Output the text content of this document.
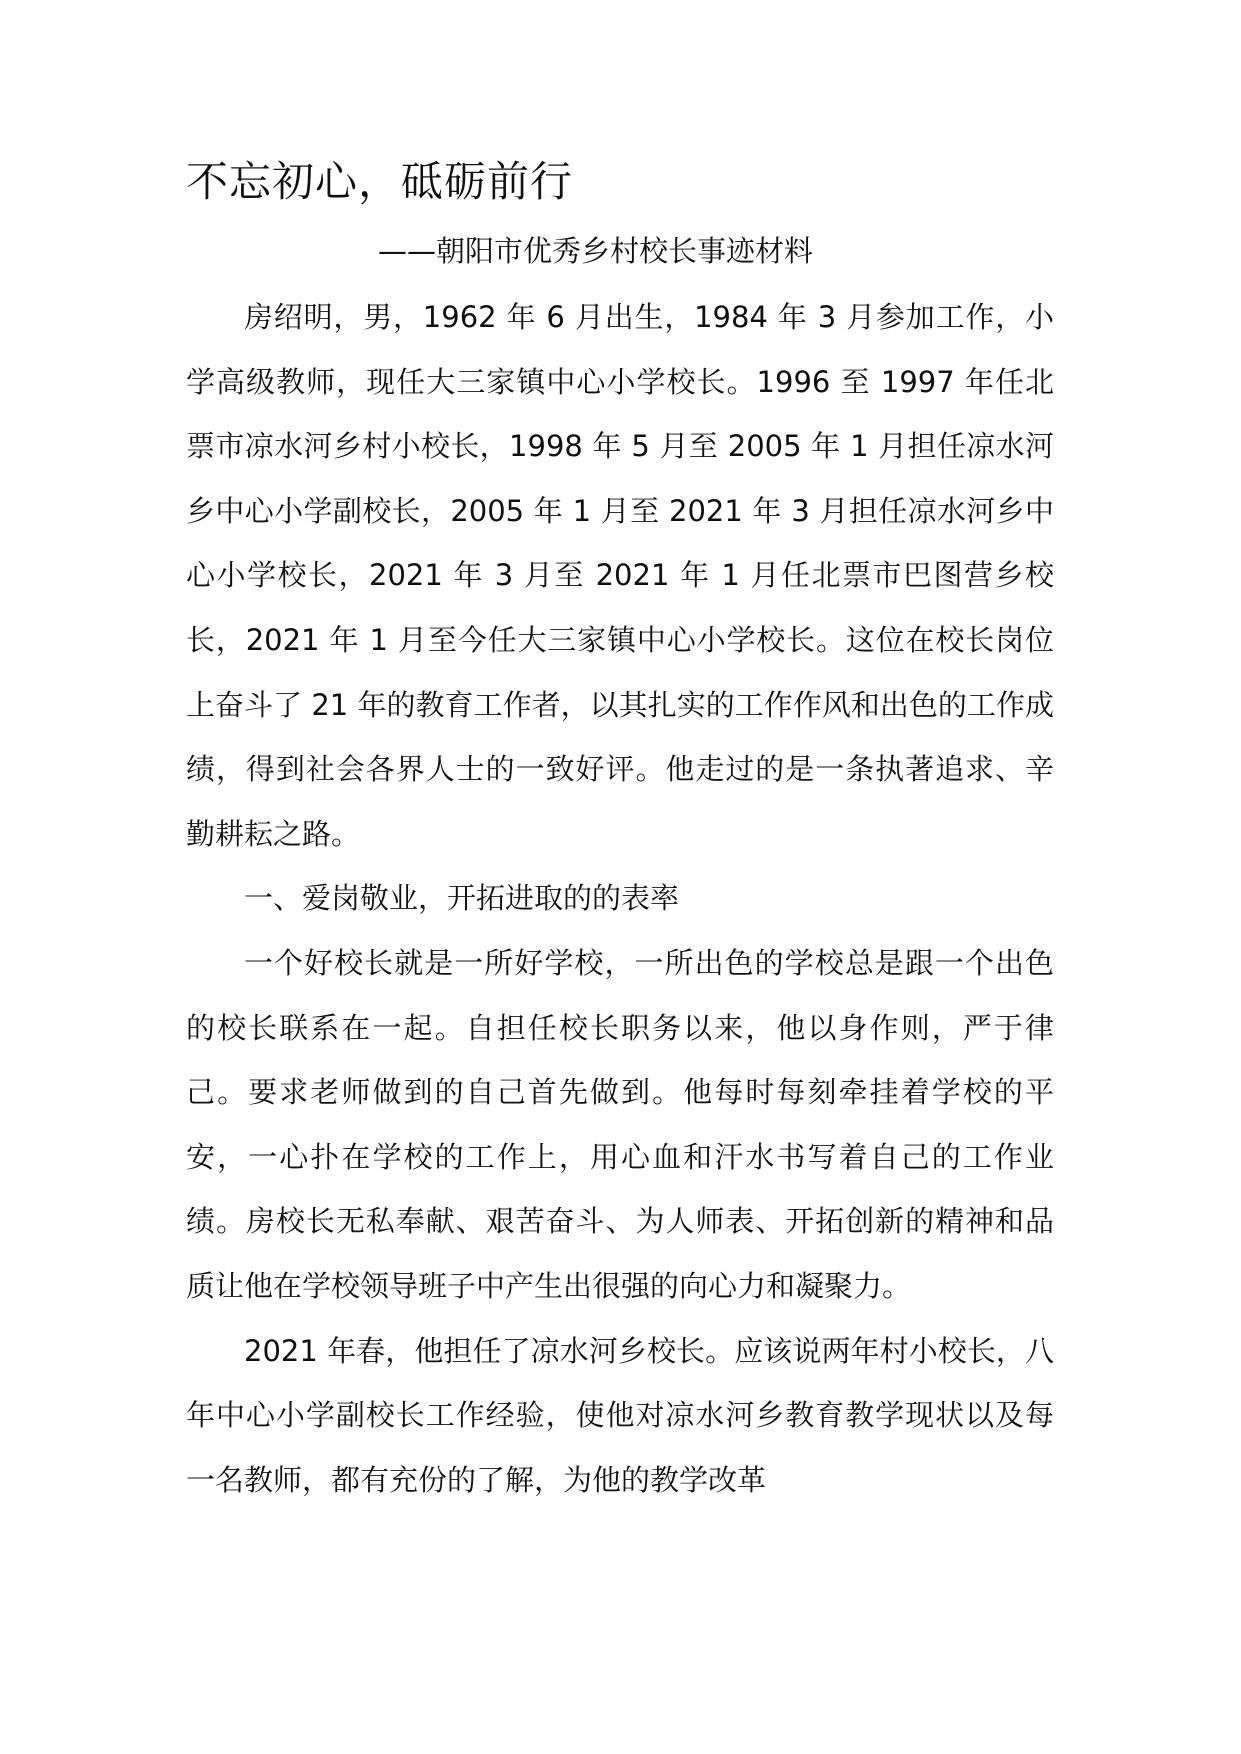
不忘初心，砥砺前行
——朝阳市优秀乡村校长事迹材料

房绍明，男，1962 年 6 月出生，1984 年 3 月参加工作，小学高级教师，现任大三家镇中心小学校长。1996 至 1997 年任北票市凉水河乡村小校长，1998 年 5 月至 2005 年 1 月担任凉水河乡中心小学副校长，2005 年 1 月至 2021 年 3 月担任凉水河乡中心小学校长，2021 年 3 月至 2021 年 1 月任北票市巴图营乡校长，2021 年 1 月至今任大三家镇中心小学校长。这位在校长岗位上奋斗了 21 年的教育工作者，以其扎实的工作作风和出色的工作成绩，得到社会各界人士的一致好评。他走过的是一条执著追求、辛勤耕耘之路。

一、爱岗敬业，开拓进取的的表率

一个好校长就是一所好学校，一所出色的学校总是跟一个出色的校长联系在一起。自担任校长职务以来，他以身作则，严于律己。要求老师做到的自己首先做到。他每时每刻牵挂着学校的平安，一心扑在学校的工作上，用心血和汗水书写着自己的工作业绩。房校长无私奉献、艰苦奋斗、为人师表、开拓创新的精神和品质让他在学校领导班子中产生出很强的向心力和凝聚力。

2021 年春，他担任了凉水河乡校长。应该说两年村小校长，八年中心小学副校长工作经验，使他对凉水河乡教育教学现状以及每一名教师，都有充份的了解，为他的教学改革
